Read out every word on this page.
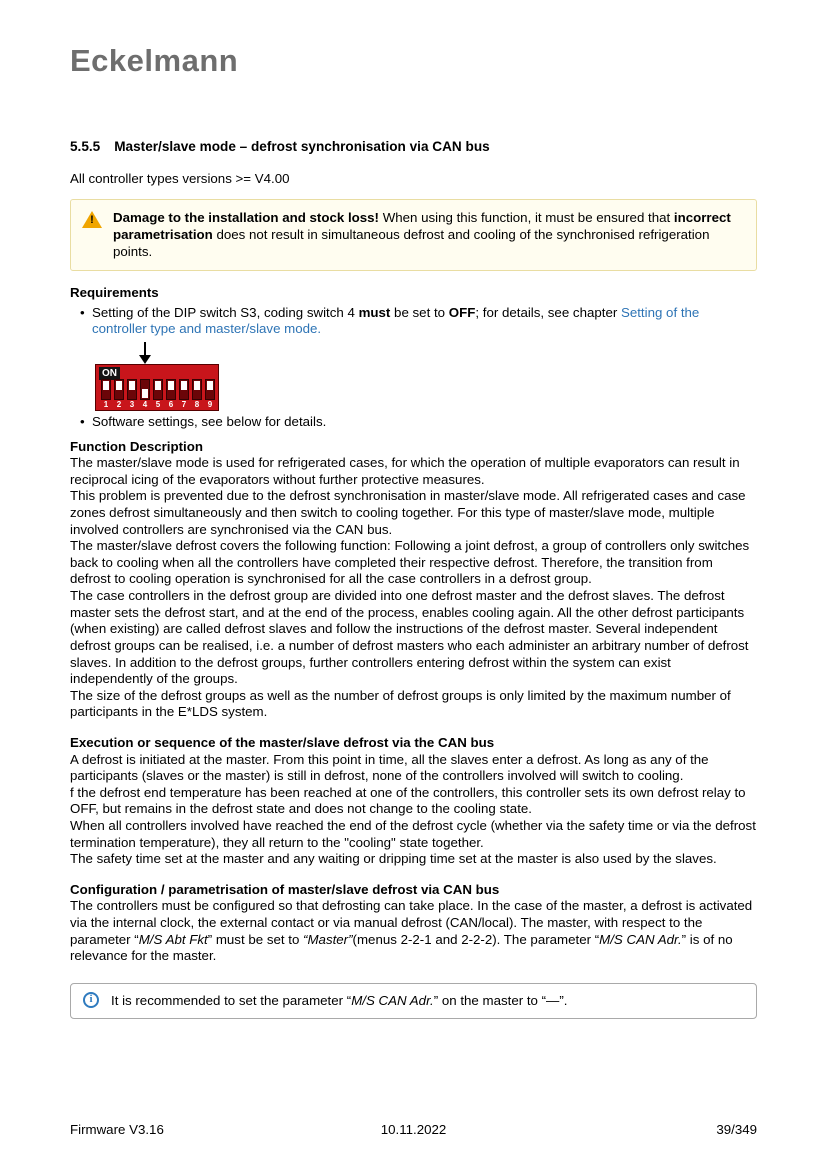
Eckelmann
5.5.5 Master/slave mode – defrost synchronisation via CAN bus

All controller types versions >= V4.00

!
Damage to the installation and stock loss! When using this function, it must be ensured that incorrect parametrisation does not result in simultaneous defrost and cooling of the synchronised refrigeration points.
Requirements
• Setting of the DIP switch S3, coding switch 4 must be set to OFF; for details, see chapter Setting of the controller type and master/slave mode.
ON
1	2	3	4	5	6	7	8	9
• Software settings, see below for details.
Function Description

The master/slave mode is used for refrigerated cases, for which the operation of multiple evaporators can result in reciprocal icing of the evaporators without further protective measures.

This problem is prevented due to the defrost synchronisation in master/slave mode. All refrigerated cases and case zones defrost simultaneously and then switch to cooling together. For this type of master/slave mode, multiple involved controllers are synchronised via the CAN bus.

The master/slave defrost covers the following function: Following a joint defrost, a group of controllers only switches back to cooling when all the controllers have completed their respective defrost. Therefore, the transition from defrost to cooling operation is synchronised for all the case controllers in a defrost group.

The case controllers in the defrost group are divided into one defrost master and the defrost slaves. The defrost master sets the defrost start, and at the end of the process, enables cooling again. All the other defrost participants (when existing) are called defrost slaves and follow the instructions of the defrost master. Several independent defrost groups can be realised, i.e. a number of defrost masters who each administer an arbitrary number of defrost slaves. In addition to the defrost groups, further controllers entering defrost within the system can exist independently of the groups.

The size of the defrost groups as well as the number of defrost groups is only limited by the maximum number of participants in the E*LDS system.

Execution or sequence of the master/slave defrost via the CAN bus

A defrost is initiated at the master. From this point in time, all the slaves enter a defrost. As long as any of the participants (slaves or the master) is still in defrost, none of the controllers involved will switch to cooling.

f the defrost end temperature has been reached at one of the controllers, this controller sets its own defrost relay to OFF, but remains in the defrost state and does not change to the cooling state.

When all controllers involved have reached the end of the defrost cycle (whether via the safety time or via the defrost termination temperature), they all return to the "cooling" state together.

The safety time set at the master and any waiting or dripping time set at the master is also used by the slaves.

Configuration / parametrisation of master/slave defrost via CAN bus

The controllers must be configured so that defrosting can take place. In the case of the master, a defrost is activated via the internal clock, the external contact or via manual defrost (CAN/local). The master, with respect to the parameter “M/S Abt Fkt” must be set to “Master”(menus 2-2-1 and 2-2-2). The parameter “M/S CAN Adr.” is of no relevance for the master.

i
It is recommended to set the parameter “M/S CAN Adr.” on the master to “—”.
10.11.2022
Firmware V3.16	39/349
